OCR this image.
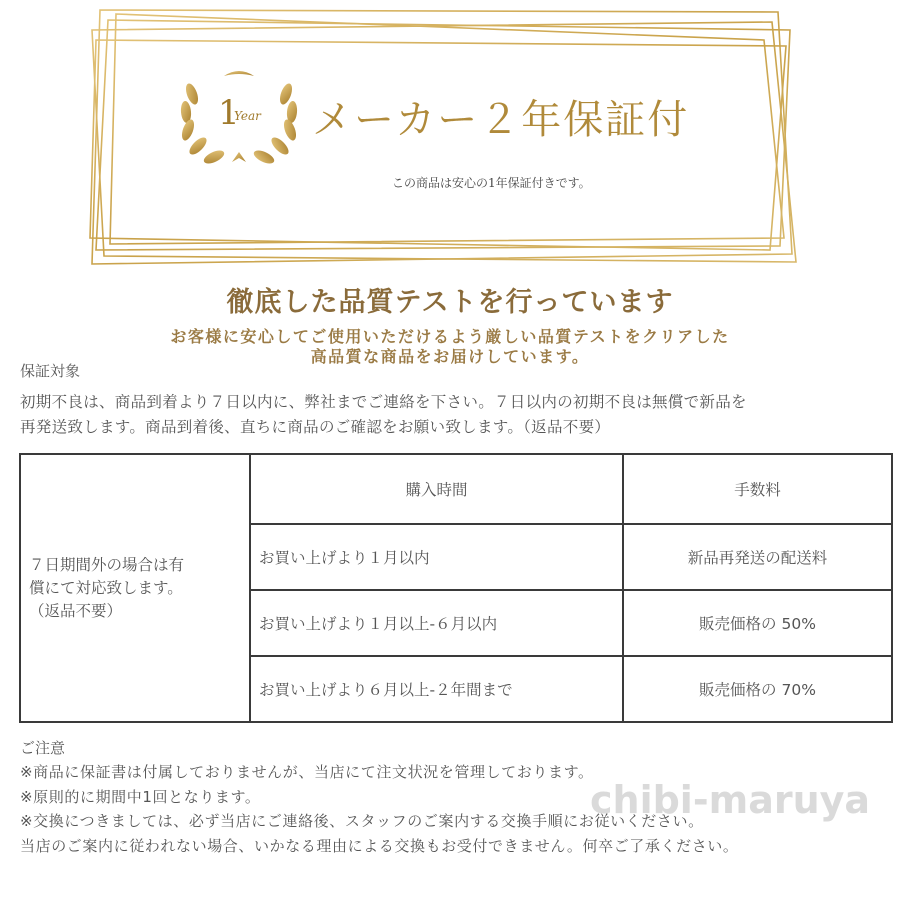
1
Year メーカー２年保証付
この商品は安心の1年保証付きです。
徹底した品質テストを行っています
お客様に安心してご使用いただけるよう厳しい品質テストをクリアした
高品質な商品をお届けしています。
保証対象
初期不良は、商品到着より７日以内に、弊社までご連絡を下さい。７日以内の初期不良は無償で新品を
再発送致します。商品到着後、直ちに商品のご確認をお願い致します。（返品不要）
７日期間外の場合は有
償にて対応致します。
（返品不要）	購入時間	手数料
	お買い上げより１月以内	新品再発送の配送料
	お買い上げより１月以上-６月以内	販売価格の 50%
	お買い上げより６月以上-２年間まで	販売価格の 70%
ご注意
※商品に保証書は付属しておりませんが、当店にて注文状況を管理しております。
※原則的に期間中1回となります。
※交換につきましては、必ず当店にご連絡後、スタッフのご案内する交換手順にお従いください。
当店のご案内に従われない場合、いかなる理由による交換もお受付できません。何卒ご了承ください。
chibi-maruya
